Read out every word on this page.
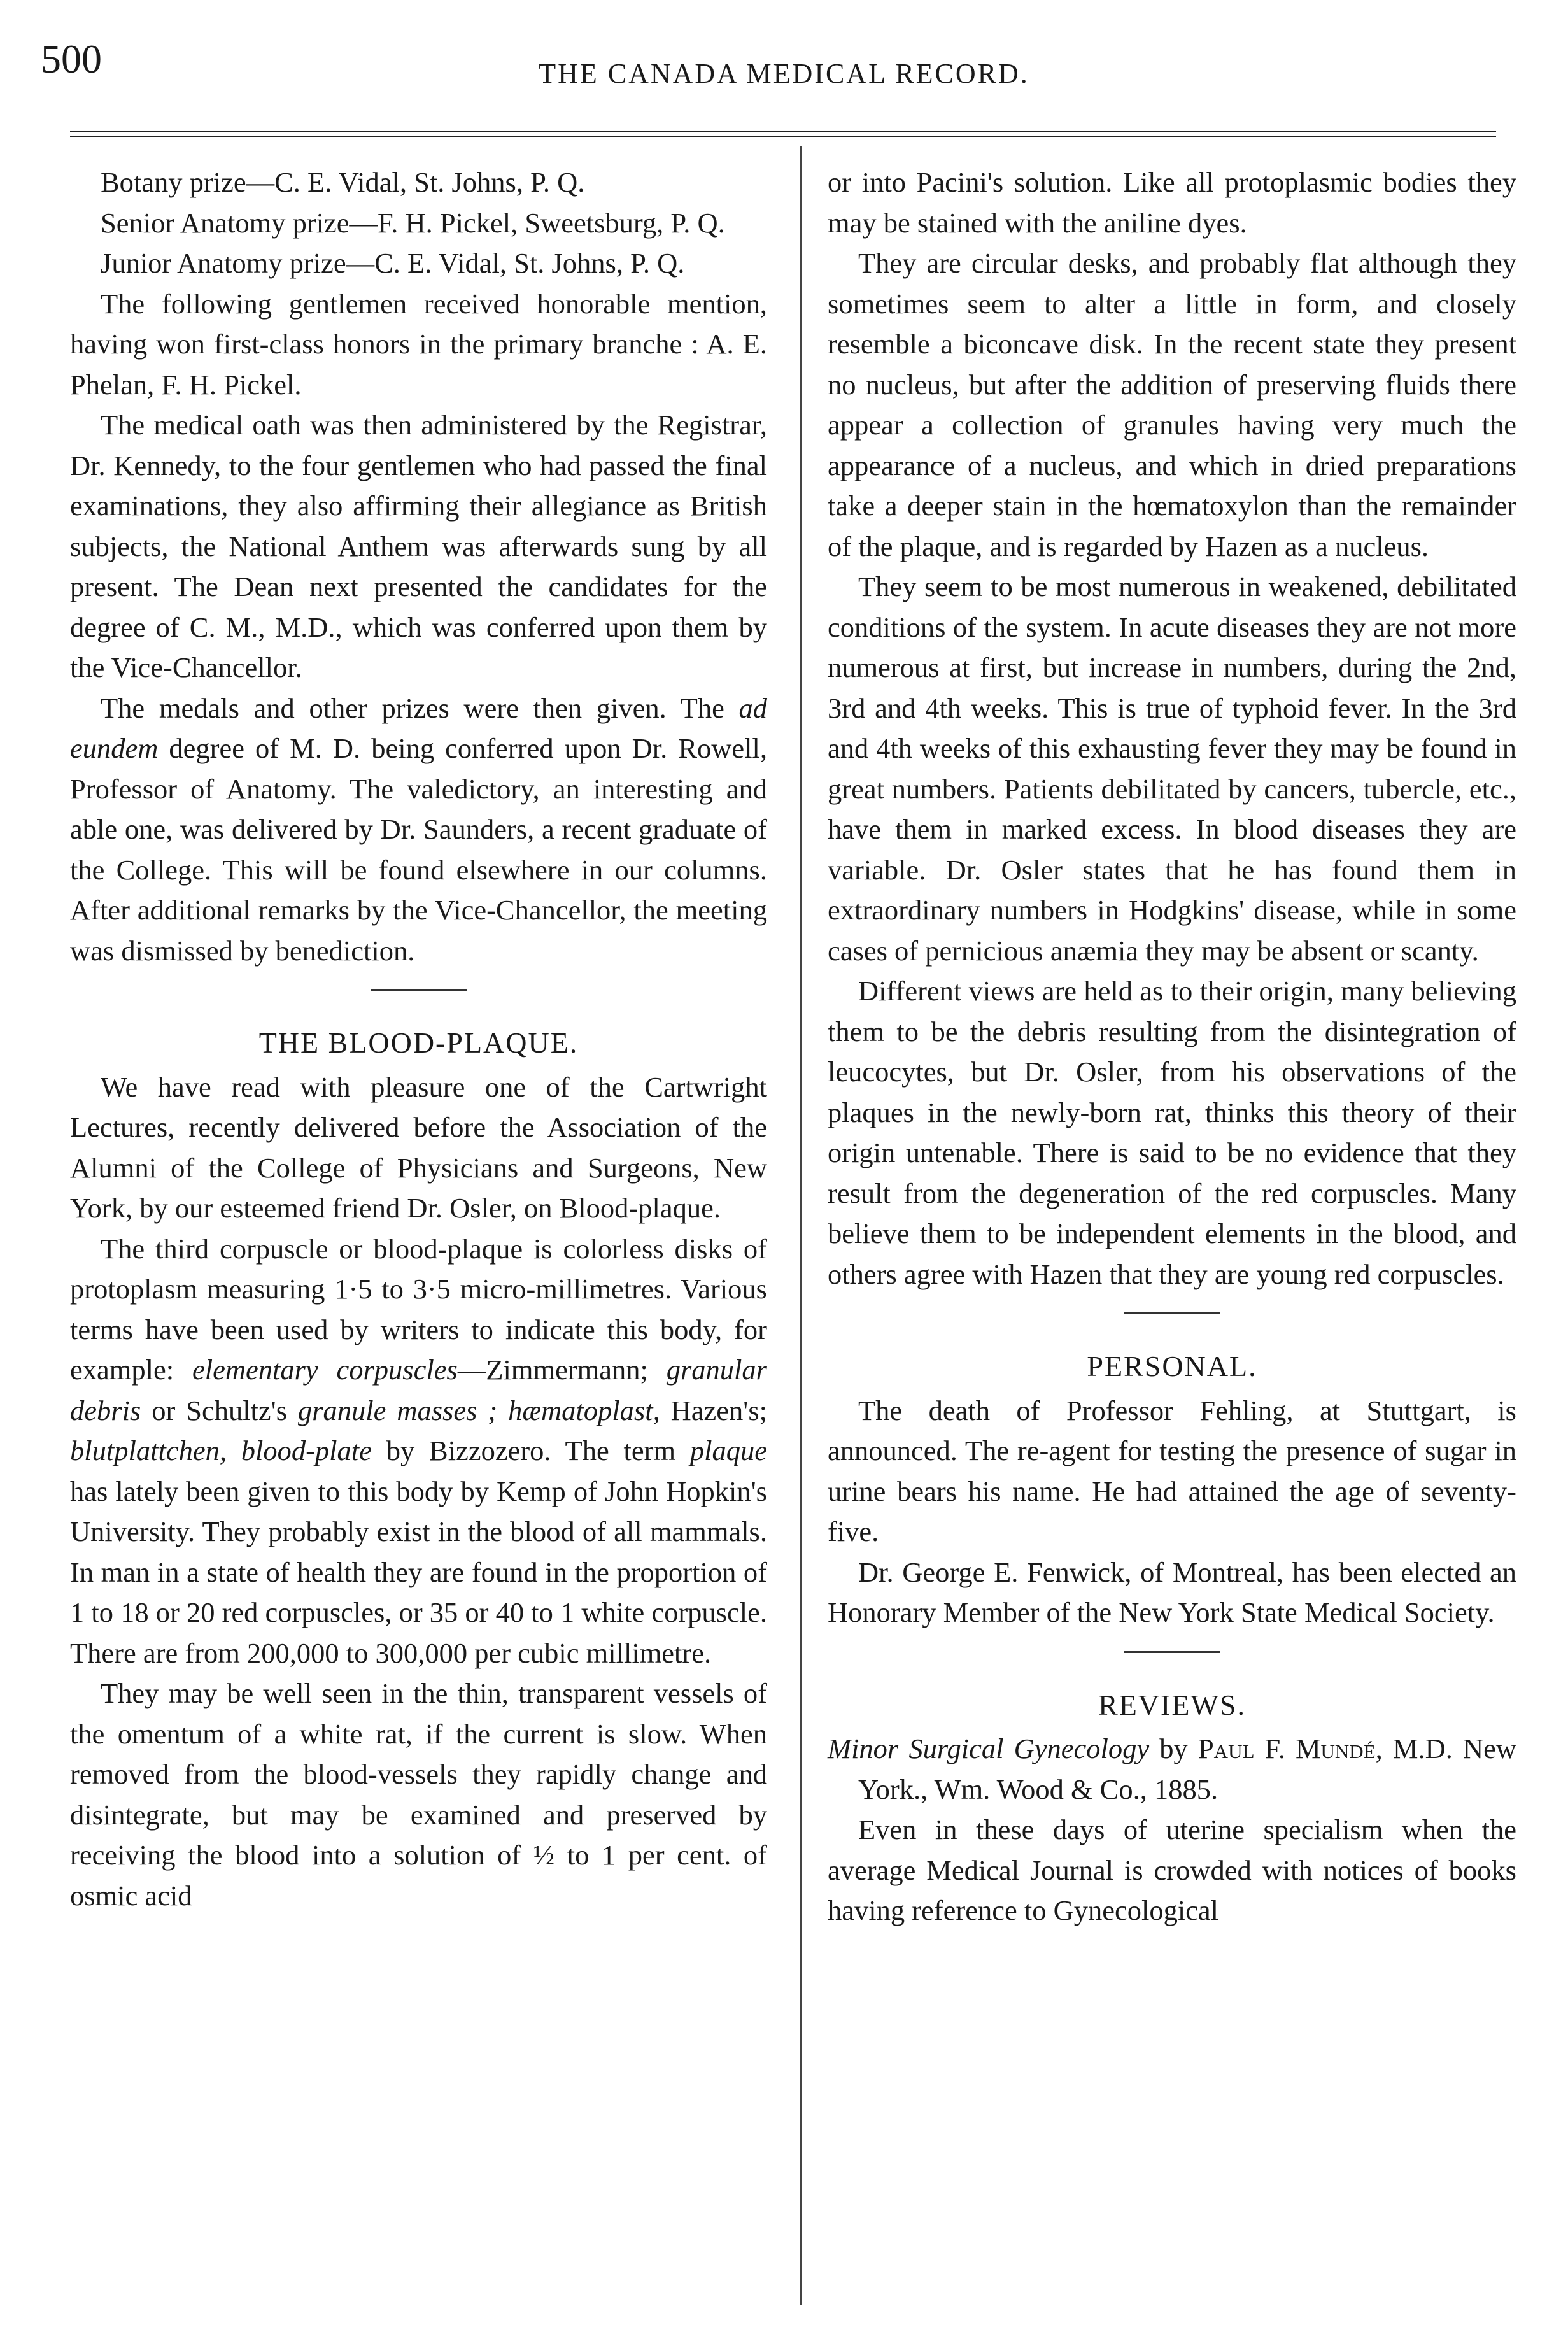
500	THE CANADA MEDICAL RECORD.

Botany prize—C. E. Vidal, St. Johns, P. Q.

Senior Anatomy prize—F. H. Pickel, Sweetsburg, P. Q.

Junior Anatomy prize—C. E. Vidal, St. Johns, P. Q.

The following gentlemen received honorable mention, having won first-class honors in the primary branche : A. E. Phelan, F. H. Pickel.

The medical oath was then administered by the Registrar, Dr. Kennedy, to the four gentlemen who had passed the final examinations, they also affirming their allegiance as British subjects, the National Anthem was afterwards sung by all present. The Dean next presented the candidates for the degree of C. M., M.D., which was conferred upon them by the Vice-Chancellor.

The medals and other prizes were then given. The ad eundem degree of M. D. being conferred upon Dr. Rowell, Professor of Anatomy. The valedictory, an interesting and able one, was delivered by Dr. Saunders, a recent graduate of the College. This will be found elsewhere in our columns. After additional remarks by the Vice-Chancellor, the meeting was dismissed by benediction.

THE BLOOD-PLAQUE.

We have read with pleasure one of the Cartwright Lectures, recently delivered before the Association of the Alumni of the College of Physicians and Surgeons, New York, by our esteemed friend Dr. Osler, on Blood-plaque.

The third corpuscle or blood-plaque is colorless disks of protoplasm measuring 1·5 to 3·5 micro-millimetres. Various terms have been used by writers to indicate this body, for example: elementary corpuscles—Zimmermann; granular debris or Schultz's granule masses ; hæmatoplast, Hazen's; blutplattchen, blood-plate by Bizzozero. The term plaque has lately been given to this body by Kemp of John Hopkin's University. They probably exist in the blood of all mammals. In man in a state of health they are found in the proportion of 1 to 18 or 20 red corpuscles, or 35 or 40 to 1 white corpuscle. There are from 200,000 to 300,000 per cubic millimetre.

They may be well seen in the thin, transparent vessels of the omentum of a white rat, if the current is slow. When removed from the blood-vessels they rapidly change and disintegrate, but may be examined and preserved by receiving the blood into a solution of ½ to 1 per cent. of osmic acid

or into Pacini's solution. Like all protoplasmic bodies they may be stained with the aniline dyes.

They are circular desks, and probably flat although they sometimes seem to alter a little in form, and closely resemble a biconcave disk. In the recent state they present no nucleus, but after the addition of preserving fluids there appear a collection of granules having very much the appearance of a nucleus, and which in dried preparations take a deeper stain in the hœmatoxylon than the remainder of the plaque, and is regarded by Hazen as a nucleus.

They seem to be most numerous in weakened, debilitated conditions of the system. In acute diseases they are not more numerous at first, but increase in numbers, during the 2nd, 3rd and 4th weeks. This is true of typhoid fever. In the 3rd and 4th weeks of this exhausting fever they may be found in great numbers. Patients debilitated by cancers, tubercle, etc., have them in marked excess. In blood diseases they are variable. Dr. Osler states that he has found them in extraordinary numbers in Hodgkins' disease, while in some cases of pernicious anæmia they may be absent or scanty.

Different views are held as to their origin, many believing them to be the debris resulting from the disintegration of leucocytes, but Dr. Osler, from his observations of the plaques in the newly-born rat, thinks this theory of their origin untenable. There is said to be no evidence that they result from the degeneration of the red corpuscles. Many believe them to be independent elements in the blood, and others agree with Hazen that they are young red corpuscles.

PERSONAL.

The death of Professor Fehling, at Stuttgart, is announced. The re-agent for testing the presence of sugar in urine bears his name. He had attained the age of seventy-five.

Dr. George E. Fenwick, of Montreal, has been elected an Honorary Member of the New York State Medical Society.

REVIEWS.

Minor Surgical Gynecology by Paul F. Mundé, M.D. New York., Wm. Wood & Co., 1885.

Even in these days of uterine specialism when the average Medical Journal is crowded with notices of books having reference to Gynecological
